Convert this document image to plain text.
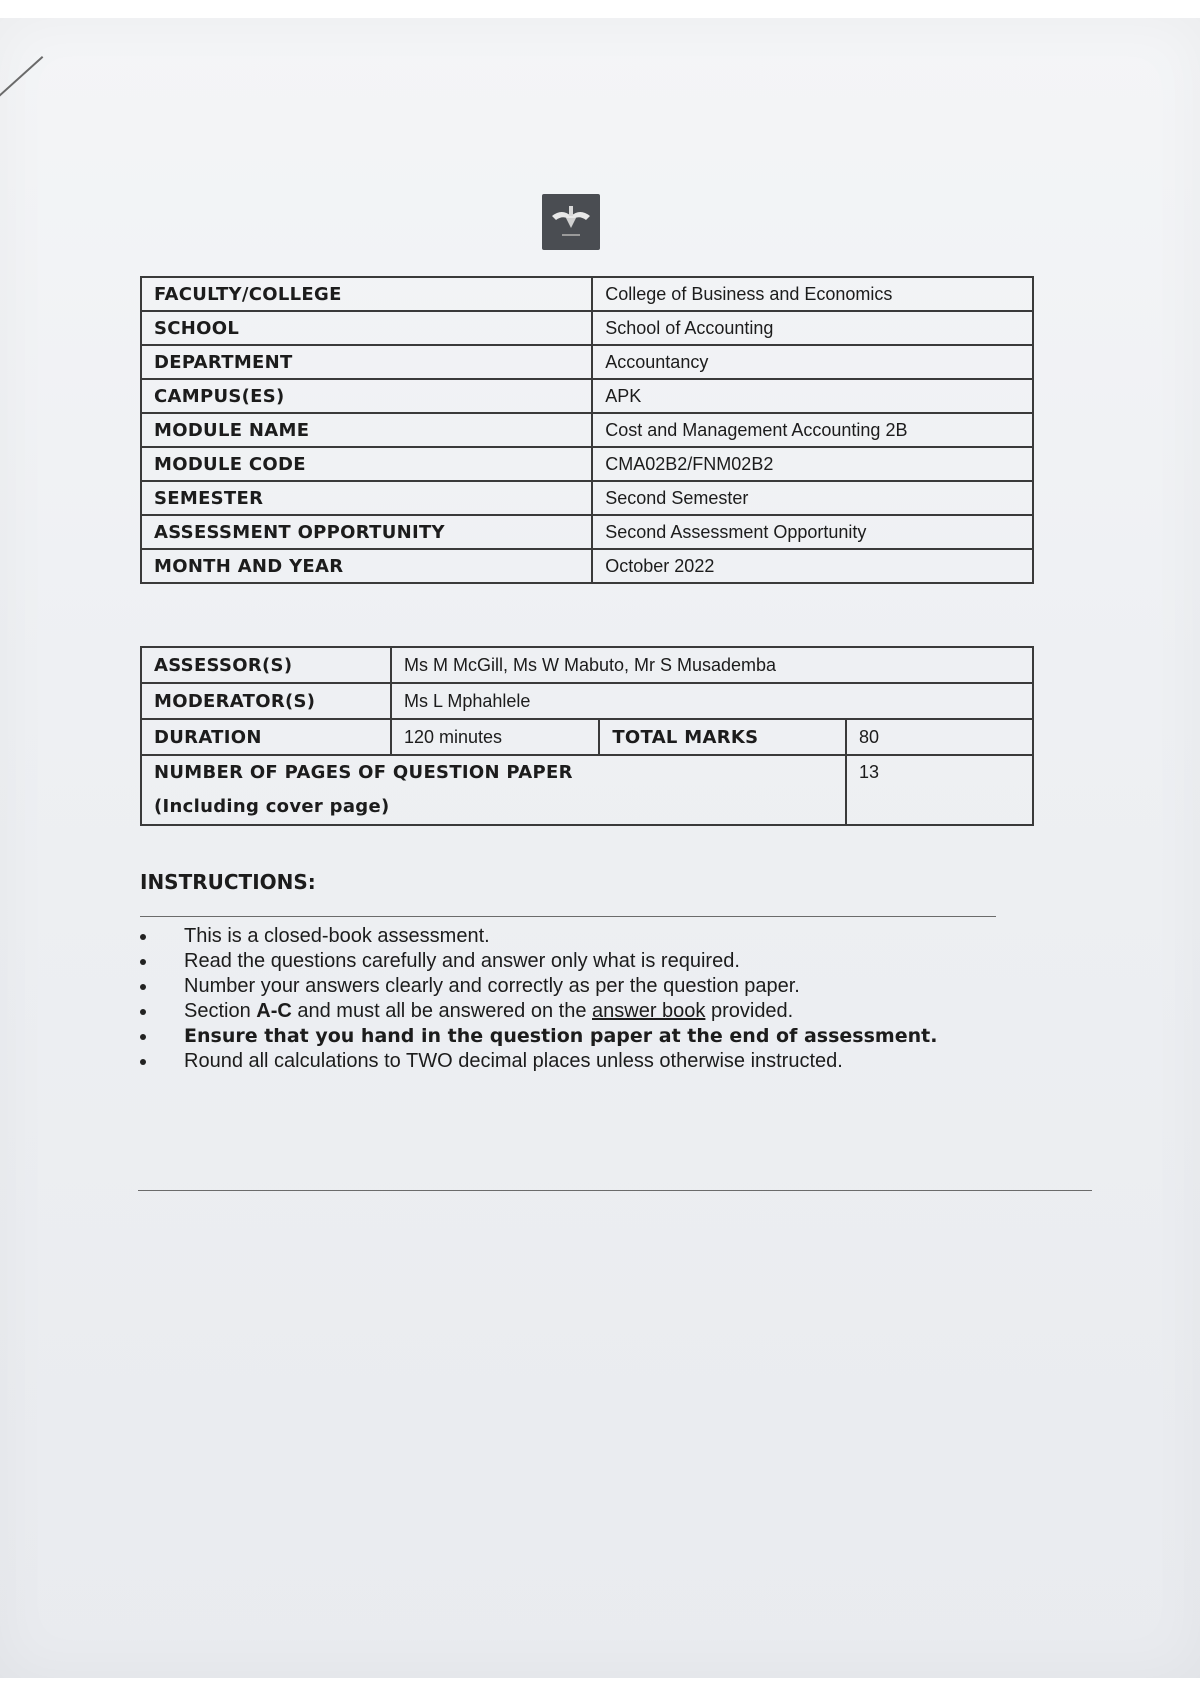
FACULTY/COLLEGE	College of Business and Economics
SCHOOL	School of Accounting
DEPARTMENT	Accountancy
CAMPUS(ES)	APK
MODULE NAME	Cost and Management Accounting 2B
MODULE CODE	CMA02B2/FNM02B2
SEMESTER	Second Semester
ASSESSMENT OPPORTUNITY	Second Assessment Opportunity
MONTH AND YEAR	October 2022
ASSESSOR(S)	Ms M McGill, Ms W Mabuto, Mr S Musademba		
MODERATOR(S)	Ms L Mphahlele		
DURATION	120 minutes	TOTAL MARKS	80

NUMBER OF PAGES OF QUESTION PAPER
(Including cover page)			13
INSTRUCTIONS:
This is a closed-book assessment.
Read the questions carefully and answer only what is required.
Number your answers clearly and correctly as per the question paper.
Section A-C and must all be answered on the answer book provided.
Ensure that you hand in the question paper at the end of assessment.
Round all calculations to TWO decimal places unless otherwise instructed.
